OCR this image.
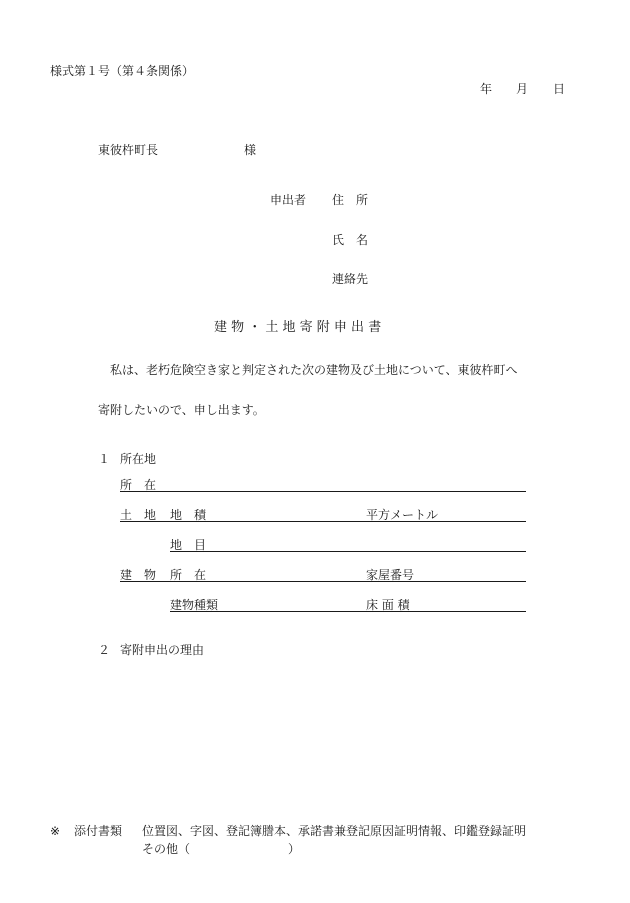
様式第１号（第４条関係）
年 月 日
東彼杵町長	様
申出者 住　所
氏　名
連絡先
建 物 ・ 土 地 寄 附 申 出 書
私は、老朽危険空き家と判定された次の建物及び土地について、東彼杵町へ
寄附したいので、申し出ます。
１ 所在地
所　在
土　地 地　積	平方メートル
地　目
建　物 所　在	家屋番号
建物種類	床 面 積
２ 寄附申出の理由
※ 添付書類 位置図、字図、登記簿謄本、承諾書兼登記原因証明情報、印鑑登録証明
その他（	）
